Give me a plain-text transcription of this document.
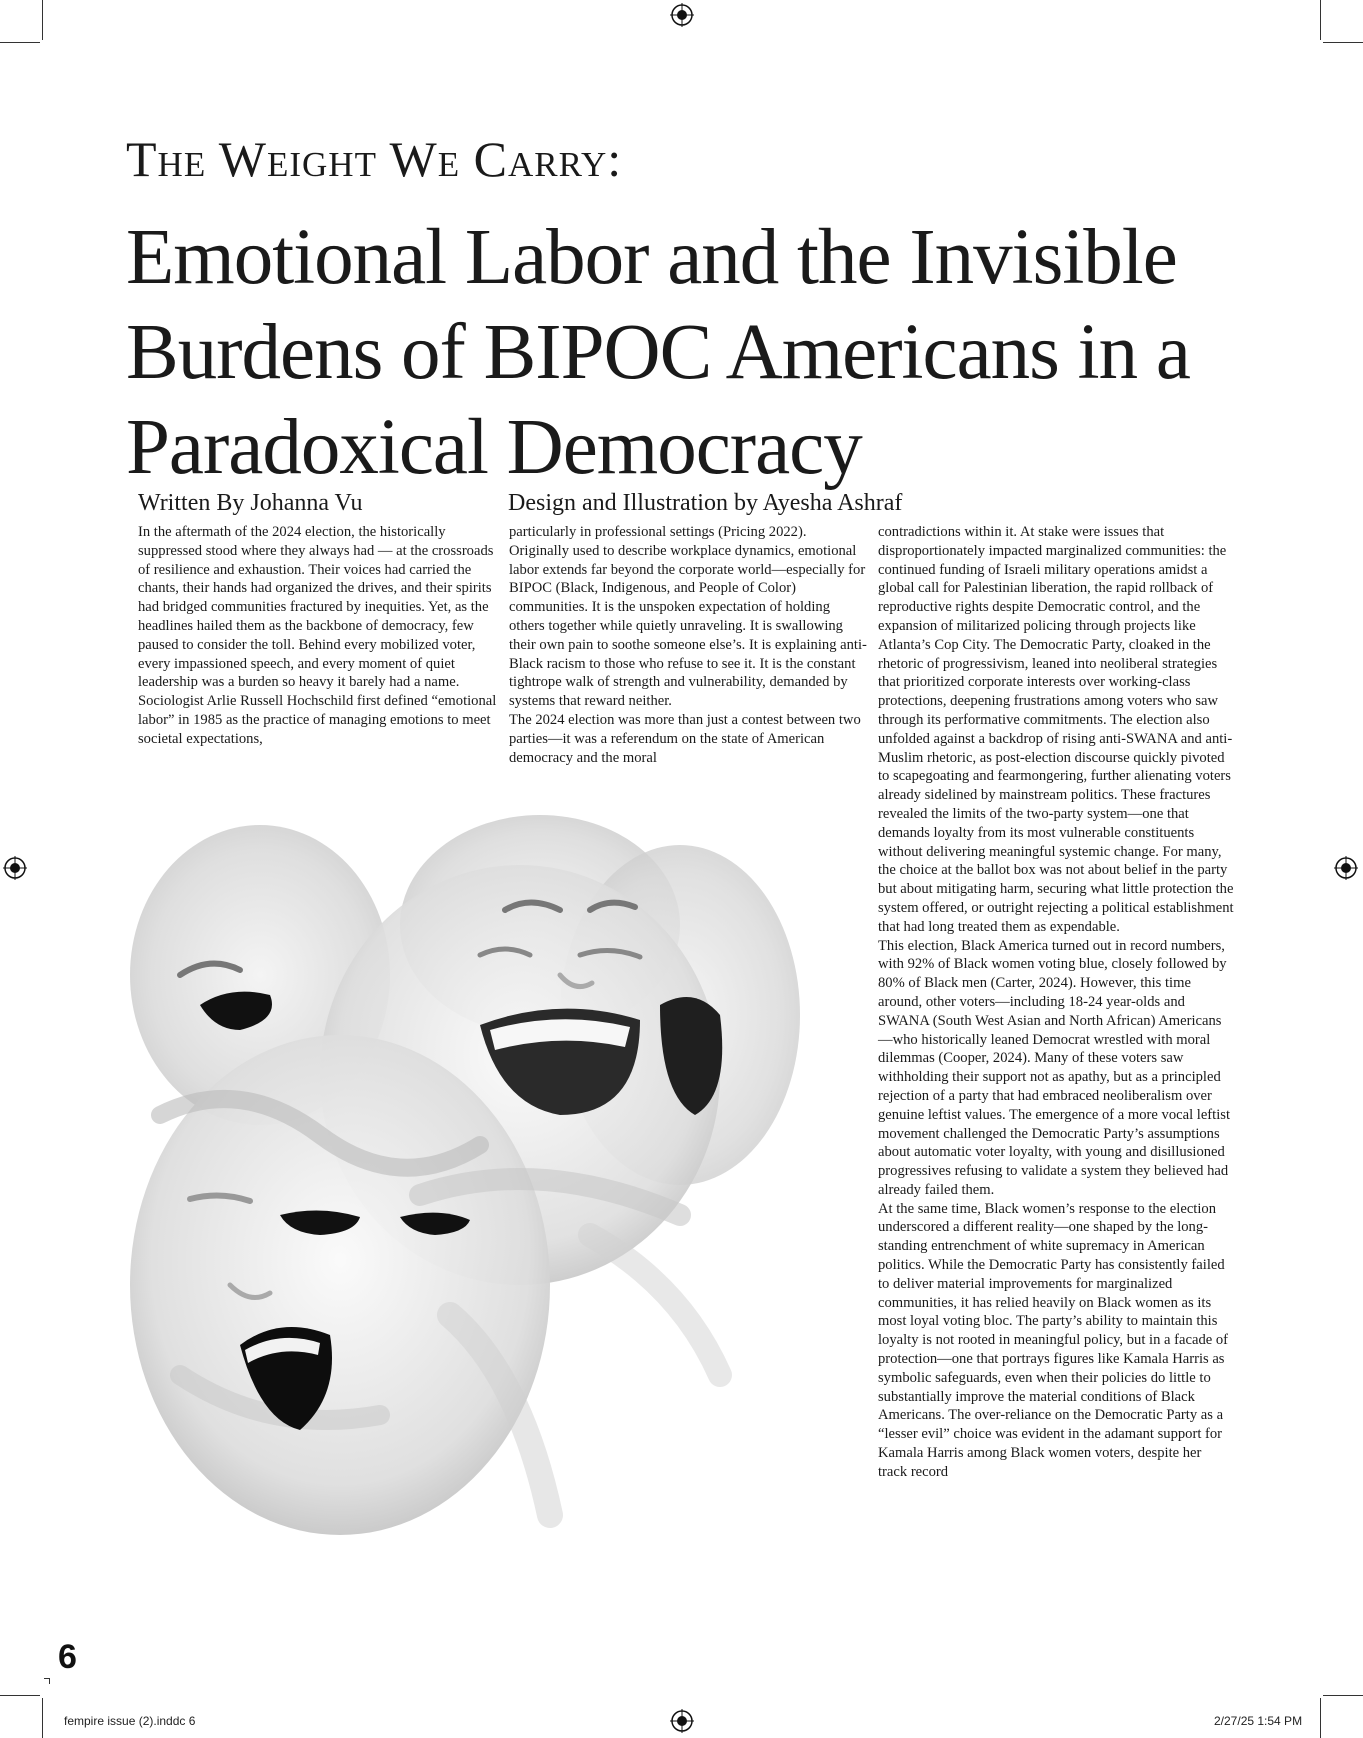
The Weight We Carry:
Emotional Labor and the Invisible Burdens of BIPOC Americans in a Paradoxical Democracy
Written By Johanna Vu	Design and Illustration by Ayesha Ashraf

In the aftermath of the 2024 election, the historically suppressed stood where they always had — at the crossroads of resilience and exhaustion. Their voices had carried the chants, their hands had organized the drives, and their spirits had bridged communities fractured by inequities. Yet, as the headlines hailed them as the backbone of democracy, few paused to consider the toll. Behind every mobilized voter, every impassioned speech, and every moment of quiet leadership was a burden so heavy it barely had a name.

Sociologist Arlie Russell Hochschild first defined “emotional labor” in 1985 as the practice of managing emotions to meet societal expectations,

particularly in professional settings (Pricing 2022). Originally used to describe workplace dynamics, emotional labor extends far beyond the corporate world—especially for BIPOC (Black, Indigenous, and People of Color) communities. It is the unspoken expectation of holding others together while quietly unraveling. It is swallowing their own pain to soothe someone else’s. It is explaining anti-Black racism to those who refuse to see it. It is the constant tightrope walk of strength and vulnerability, demanded by systems that reward neither.

The 2024 election was more than just a contest between two parties—it was a referendum on the state of American democracy and the moral

contradictions within it. At stake were issues that disproportionately impacted marginalized communities: the continued funding of Israeli military operations amidst a global call for Palestinian liberation, the rapid rollback of reproductive rights despite Democratic control, and the expansion of militarized policing through projects like Atlanta’s Cop City. The Democratic Party, cloaked in the rhetoric of progressivism, leaned into neoliberal strategies that prioritized corporate interests over working-class protections, deepening frustrations among voters who saw through its performative commitments. The election also unfolded against a backdrop of rising anti-SWANA and anti-Muslim rhetoric, as post-election discourse quickly pivoted to scapegoating and fearmongering, further alienating voters already sidelined by mainstream politics. These fractures revealed the limits of the two-party system—one that demands loyalty from its most vulnerable constituents without delivering meaningful systemic change. For many, the choice at the ballot box was not about belief in the party but about mitigating harm, securing what little protection the system offered, or outright rejecting a political establishment that had long treated them as expendable.

This election, Black America turned out in record numbers, with 92% of Black women voting blue, closely followed by 80% of Black men (Carter, 2024). However, this time around, other voters—including 18-24 year-olds and SWANA (South West Asian and North African) Americans—who historically leaned Democrat wrestled with moral dilemmas (Cooper, 2024). Many of these voters saw withholding their support not as apathy, but as a principled rejection of a party that had embraced neoliberalism over genuine leftist values. The emergence of a more vocal leftist movement challenged the Democratic Party’s assumptions about automatic voter loyalty, with young and disillusioned progressives refusing to validate a system they believed had already failed them.

At the same time, Black women’s response to the election underscored a different reality—one shaped by the long-standing entrenchment of white supremacy in American politics. While the Democratic Party has consistently failed to deliver material improvements for marginalized communities, it has relied heavily on Black women as its most loyal voting bloc. The party’s ability to maintain this loyalty is not rooted in meaningful policy, but in a facade of protection—one that portrays figures like Kamala Harris as symbolic safeguards, even when their policies do little to substantially improve the material conditions of Black Americans. The over-reliance on the Democratic Party as a “lesser evil” choice was evident in the adamant support for Kamala Harris among Black women voters, despite her track record

6
fempire issue (2).inddc 6	2/27/25 1:54 PM
